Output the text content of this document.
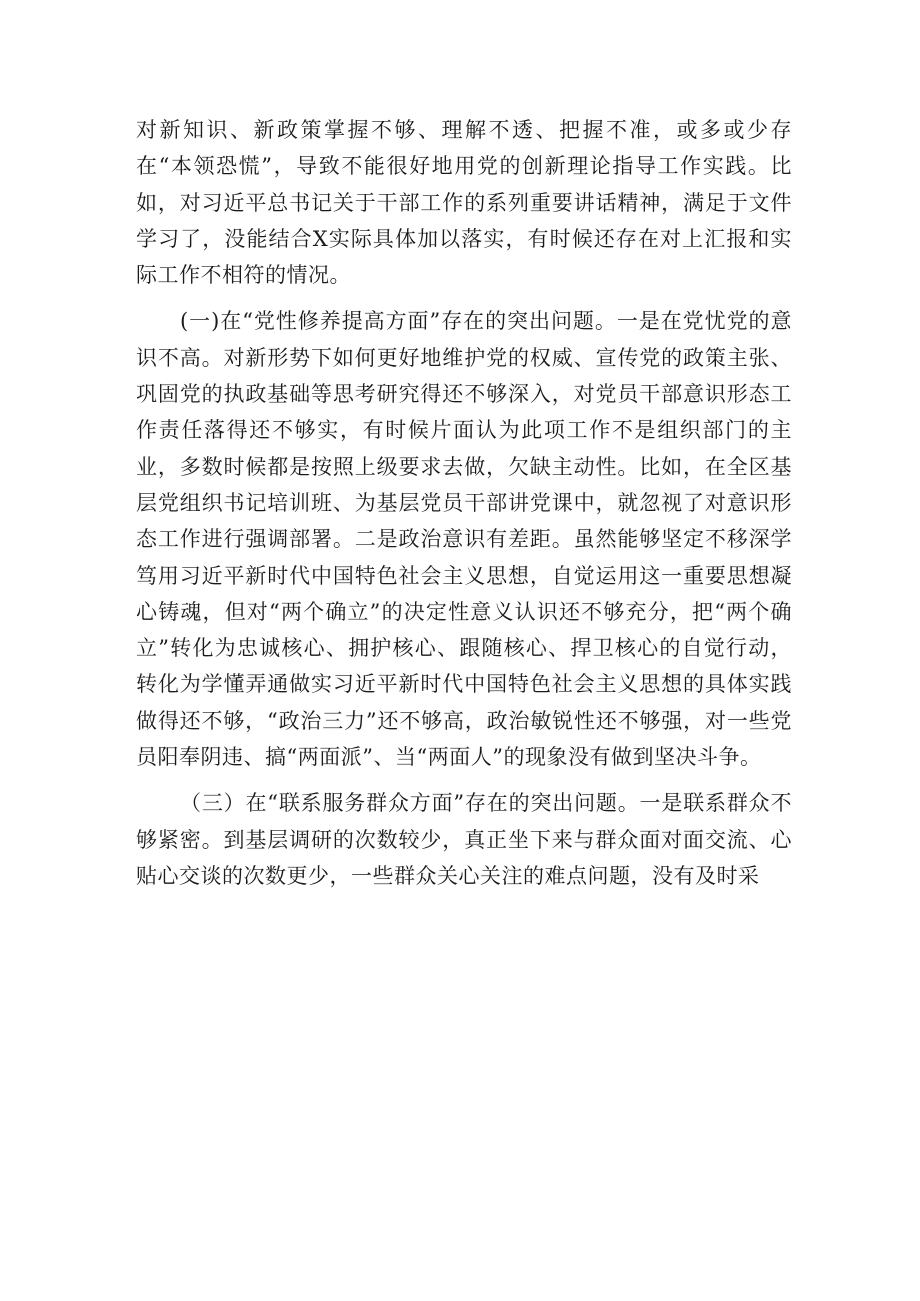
对新知识、新政策掌握不够、理解不透、把握不准，或多或少存在“本领恐慌”，导致不能很好地用党的创新理论指导工作实践。比如，对习近平总书记关于干部工作的系列重要讲话精神，满足于文件学习了，没能结合X实际具体加以落实，有时候还存在对上汇报和实际工作不相符的情况。

(一)在“党性修养提高方面”存在的突出问题。一是在党忧党的意识不高。对新形势下如何更好地维护党的权威、宣传党的政策主张、巩固党的执政基础等思考研究得还不够深入，对党员干部意识形态工作责任落得还不够实，有时候片面认为此项工作不是组织部门的主业，多数时候都是按照上级要求去做，欠缺主动性。比如，在全区基层党组织书记培训班、为基层党员干部讲党课中，就忽视了对意识形态工作进行强调部署。二是政治意识有差距。虽然能够坚定不移深学笃用习近平新时代中国特色社会主义思想，自觉运用这一重要思想凝心铸魂，但对“两个确立”的决定性意义认识还不够充分，把“两个确立”转化为忠诚核心、拥护核心、跟随核心、捍卫核心的自觉行动，转化为学懂弄通做实习近平新时代中国特色社会主义思想的具体实践做得还不够，“政治三力”还不够高，政治敏锐性还不够强，对一些党员阳奉阴违、搞“两面派”、当“两面人”的现象没有做到坚决斗争。

（三）在“联系服务群众方面”存在的突出问题。一是联系群众不够紧密。到基层调研的次数较少，真正坐下来与群众面对面交流、心贴心交谈的次数更少，一些群众关心关注的难点问题，没有及时采
